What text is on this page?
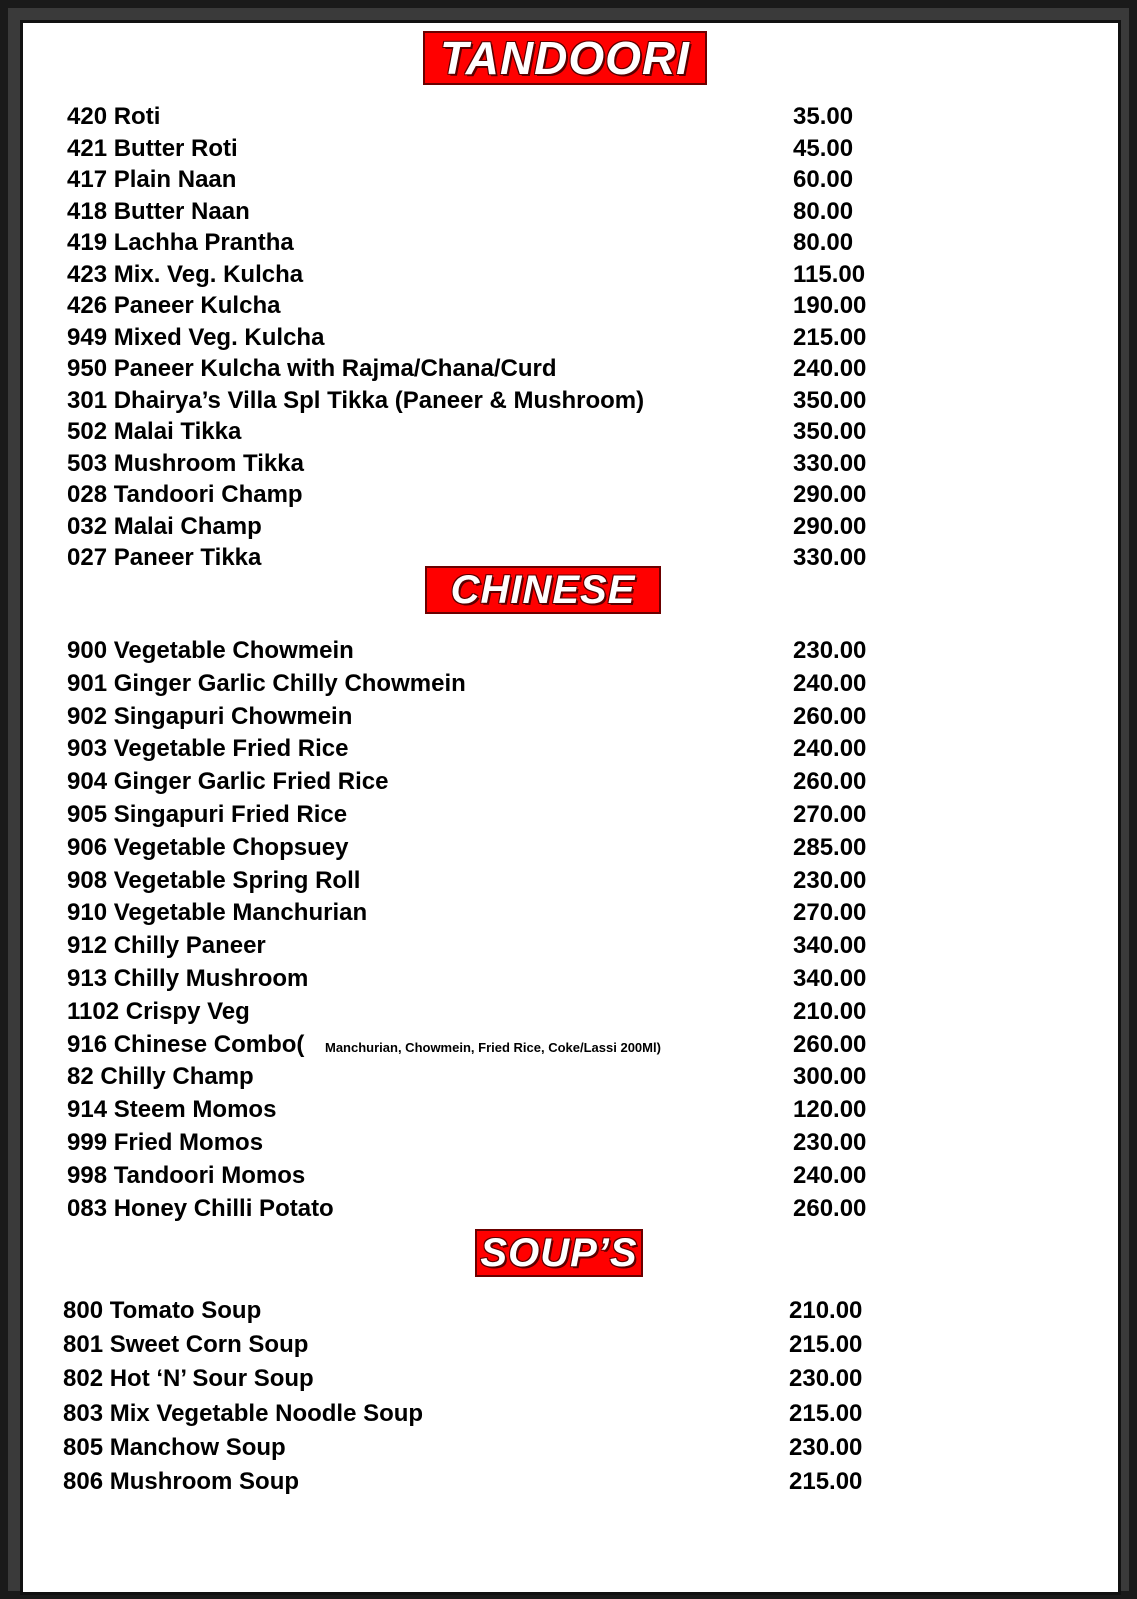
TANDOORI
420 Roti	35.00
421 Butter Roti	45.00
417 Plain Naan	60.00
418 Butter Naan	80.00
419 Lachha Prantha	80.00
423 Mix. Veg. Kulcha	115.00
426 Paneer Kulcha	190.00
949 Mixed Veg. Kulcha	215.00
950 Paneer Kulcha with Rajma/Chana/Curd	240.00
301 Dhairya’s Villa Spl Tikka (Paneer & Mushroom)	350.00
502 Malai Tikka	350.00
503 Mushroom Tikka	330.00
028 Tandoori Champ	290.00
032 Malai Champ	290.00
027 Paneer Tikka	330.00
CHINESE
900 Vegetable Chowmein	230.00
901 Ginger Garlic Chilly Chowmein	240.00
902 Singapuri Chowmein	260.00
903 Vegetable Fried Rice	240.00
904 Ginger Garlic Fried Rice	260.00
905 Singapuri Fried Rice	270.00
906 Vegetable Chopsuey	285.00
908 Vegetable Spring Roll	230.00
910 Vegetable Manchurian	270.00
912 Chilly Paneer	340.00
913 Chilly Mushroom	340.00
1102 Crispy Veg	210.00
916 Chinese Combo( Manchurian, Chowmein, Fried Rice, Coke/Lassi 200Ml)	260.00
82 Chilly Champ	300.00
914 Steem Momos	120.00
999 Fried Momos	230.00
998 Tandoori Momos	240.00
083 Honey Chilli Potato	260.00
SOUP’S
800 Tomato Soup	210.00
801 Sweet Corn Soup	215.00
802 Hot ‘N’ Sour Soup	230.00
803 Mix Vegetable Noodle Soup	215.00
805 Manchow Soup	230.00
806 Mushroom Soup	215.00
